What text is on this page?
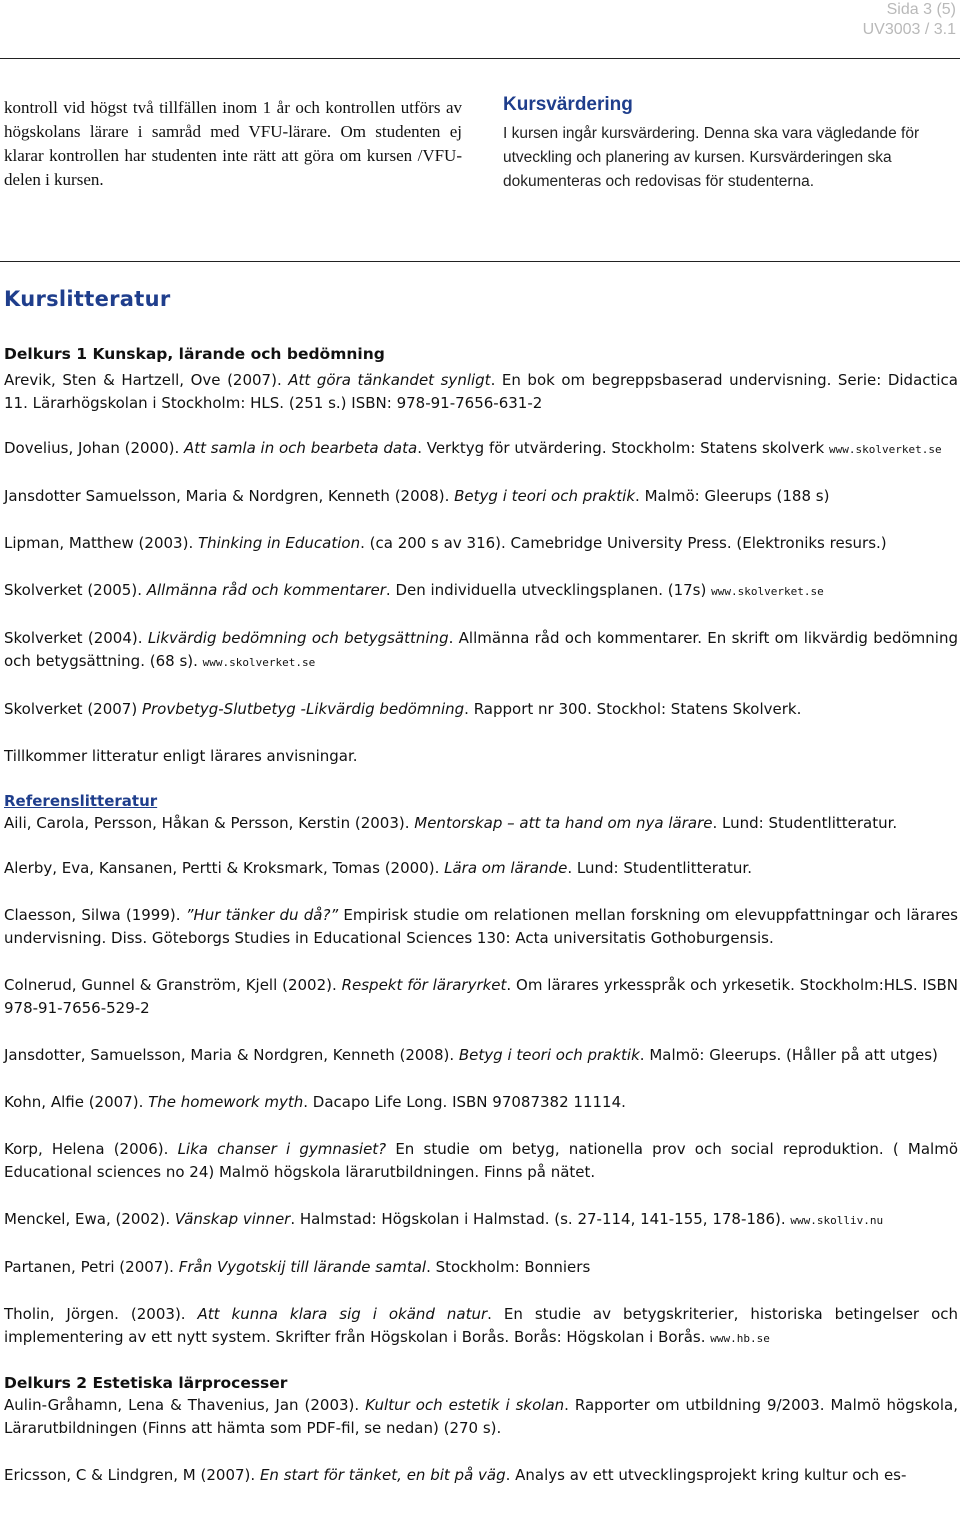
Sida 3 (5)
UV3003 / 3.1
kontroll vid högst två tillfällen inom 1 år och kontrollen utförs av högskolans lärare i samråd med VFU-lärare. Om studenten ej klarar kontrollen har studenten inte rätt att göra om kursen /VFU-delen i kursen.
Kursvärdering

I kursen ingår kursvärdering. Denna ska vara vägledande för utveckling och planering av kursen. Kursvärderingen ska dokumenteras och redovisas för studenterna.

Kurslitteratur
Delkurs 1 Kunskap, lärande och bedömning
Arevik, Sten & Hartzell, Ove (2007). Att göra tänkandet synligt. En bok om begreppsbaserad undervisning. Serie: Didactica 11. Lärarhögskolan i Stockholm: HLS. (251 s.) ISBN: 978-91-7656-631-2
Dovelius, Johan (2000). Att samla in och bearbeta data. Verktyg för utvärdering. Stockholm: Statens skolverk www.skolverket.se
Jansdotter Samuelsson, Maria & Nordgren, Kenneth (2008). Betyg i teori och praktik. Malmö: Gleerups (188 s)
Lipman, Matthew (2003). Thinking in Education. (ca 200 s av 316). Camebridge University Press. (Elektroniks resurs.)
Skolverket (2005). Allmänna råd och kommentarer. Den individuella utvecklingsplanen. (17s) www.skolverket.se
Skolverket (2004). Likvärdig bedömning och betygsättning. Allmänna råd och kommentarer. En skrift om likvärdig bedömning och betygsättning. (68 s). www.skolverket.se
Skolverket (2007) Provbetyg-Slutbetyg -Likvärdig bedömning. Rapport nr 300. Stockhol: Statens Skolverk.
Tillkommer litteratur enligt lärares anvisningar.
Referenslitteratur
Aili, Carola, Persson, Håkan & Persson, Kerstin (2003). Mentorskap – att ta hand om nya lärare. Lund: Studentlitteratur.
Alerby, Eva, Kansanen, Pertti & Kroksmark, Tomas (2000). Lära om lärande. Lund: Studentlitteratur.
Claesson, Silwa (1999). ”Hur tänker du då?” Empirisk studie om relationen mellan forskning om elevuppfattningar och lärares undervisning. Diss. Göteborgs Studies in Educational Sciences 130: Acta universitatis Gothoburgensis.
Colnerud, Gunnel & Granström, Kjell (2002). Respekt för läraryrket. Om lärares yrkesspråk och yrkesetik. Stockholm:HLS. ISBN 978-91-7656-529-2
Jansdotter, Samuelsson, Maria & Nordgren, Kenneth (2008). Betyg i teori och praktik. Malmö: Gleerups. (Håller på att utges)
Kohn, Alfie (2007). The homework myth. Dacapo Life Long. ISBN 97087382 11114.
Korp, Helena (2006). Lika chanser i gymnasiet? En studie om betyg, nationella prov och social reproduktion. ( Malmö Educational sciences no 24) Malmö högskola lärarutbildningen. Finns på nätet.
Menckel, Ewa, (2002). Vänskap vinner. Halmstad: Högskolan i Halmstad. (s. 27-114, 141-155, 178-186). www.skolliv.nu
Partanen, Petri (2007). Från Vygotskij till lärande samtal. Stockholm: Bonniers
Tholin, Jörgen. (2003). Att kunna klara sig i okänd natur. En studie av betygskriterier, historiska betingelser och implementering av ett nytt system. Skrifter från Högskolan i Borås. Borås: Högskolan i Borås. www.hb.se
Delkurs 2 Estetiska lärprocesser
Aulin-Gråhamn, Lena & Thavenius, Jan (2003). Kultur och estetik i skolan. Rapporter om utbildning 9/2003. Malmö högskola, Lärarutbildningen (Finns att hämta som PDF-fil, se nedan) (270 s).
Ericsson, C & Lindgren, M (2007). En start för tänket, en bit på väg. Analys av ett utvecklingsprojekt kring kultur och es-
